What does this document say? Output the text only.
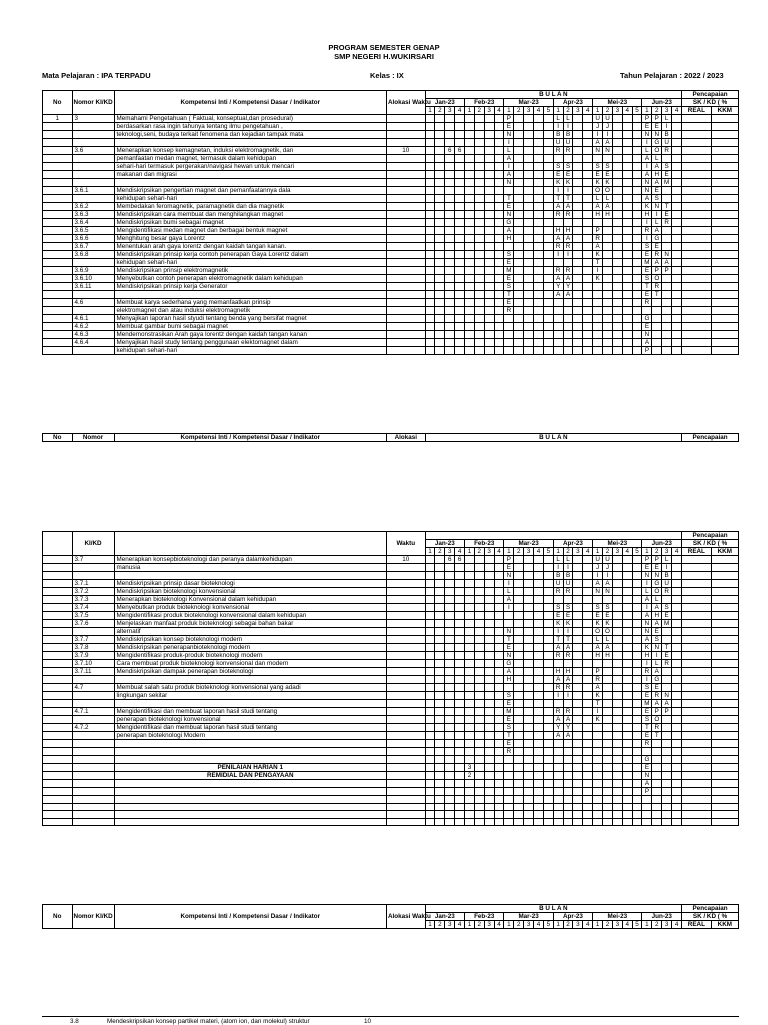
PROGRAM SEMESTER GENAP
SMP NEGERI H.WUKIRSARI
Mata Pelajaran : IPA TERPADU	Kelas : IX	Tahun Pelajaran : 2022 / 2023
No	Nomor KI/KD	Kompetensi Inti / Kompetensi Dasar / Indikator	Alokasi Waktu	B U L A N																										Pencapaian	
				Jan-23				Feb-23				Mar-23					Apr-23				Mei-23					Jun-23				SK / KD ( %	
				1	2	3	4	1	2	3	4	1	2	3	4	5	1	2	3	4	1	2	3	4	5	1	2	3	4	REAL	KKM
1	3	Memahami Pengetahuan ( Faktual, konseptual,dan prosedural)										P					L	L			U	U				P	P	L			
		berdasarkan rasa ingin tahunya tentang ilmu pengetahuan ,										E					I	I			J	J				E	E	I			
		teknologi,seni, budaya terkait fenomena dan kejadian tampak mata										N					B	B			I	I				N	N	B			
												I					U	U			A	A				I	G	U			
	3.6	Menerapkan konsep kemagnetan, induksi elektromagnetik, dan	10			6	6					L					R	R			N	N				L	O	R			
		pemanfaatan medan magnet, termasuk dalam kehidupan										A														A	L				
		sehari-hari termasuk pergerakan/navigasi hewan untuk mencari										I					S	S			S	S				I	A	S			
		makanan dan migrasi										A					E	E			E	E				A	H	E			
												N					K	K			K	K				N	A	M			
	3.6.1	Mendiskripsikan pengertian magnet dan pemanfaatannya dala															I	I			O	O				N	E				
		kehidupan sehari-hari										T					T	T			L	L				A	S				
	3.6.2	Membedakan feromagnetik, paramagnetik dan dia magnetik										E					A	A			A	A				K	N	T			
	3.6.3	Mendiskripsikan cara membuat dan menghilangkan magnet										N					R	R			H	H				H	I	E			
	3.6.4	Mendiskripsikan bumi sebagai magnet										G														I	L	R			
	3.6.5	Mengidentifikasi medan magnet dan berbagai bentuk magnet										A					H	H			P					R	A				
	3.6.6	Menghitung besar gaya Lorentz										H					A	A			R					I	G				
	3.6.7	Menentukan arah gaya lorentz dengan kaidah tangan kanan.															R	R			A					S	E				
	3.6.8	Mendiskripsikan prinsip kerja contoh penerapan Gaya Lorentz dalam										S					I	I			K					E	R	N			
		kehidupan sehari-hari										E									T					M	A	A			
	3.6.9	Mendiskripsikan prinsip elektromagnetik										M					R	R			I					E	P	P			
	3.6.10	Menyebutkan contoh penerapan elektromagnetik dalam kehidupan										E					A	A			K					S	O				
	3.6.11	Mendiskripsikan prinsip kerja Generator										S					Y	Y								T	R				
												T					A	A								E	T				
	4.6	Membuat karya sederhana yang memanfaatkan prinsip										E														R					
		elektromagnet dan atau induksi elektromagnetik										R																			
	4.6.1	Menyajikan laporan hasil styudi tentang benda yang bersifat magnet																								G					
	4.6.2	Membuat gambar bumi sebagai magnet																								E					
	4.6.3	Mendemonstrasikan Arah gaya lorentz dengan kaidah tangan kanan																								N					
	4.6.4	Menyajikan hasil study tentang penggunaan elektomagnet dalam																								A					
		kehidupan sehari-hari																								P					
No	Nomor	Kompetensi Inti / Kompetensi Dasar / Indikator	Alokasi	B U L A N	Pencapaian
	KI/KD		Waktu																											Pencapaian	
				Jan-23				Feb-23				Mar-23					Apr-23				Mei-23					Jun-23				SK / KD ( %	
				1	2	3	4	1	2	3	4	1	2	3	4	5	1	2	3	4	1	2	3	4	5	1	2	3	4	REAL	KKM
	3.7	Menerapkan konsepbioteknologi dan peranya dalamkehidupan	10			6	6					P					L	L			U	U				P	P	L			
		manusia										E					I	I			J	J				E	E	I			
												N					B	B			I	I				N	N	B			
	3.7.1	Mendiskripsikan prinsip dasar bioteknologi										I					U	U			A	A				I	G	U			
	3.7.2	Mendiskripsikan bioteknologi konvensional										L					R	R			N	N				L	O	R			
	3.7.3	Menerapkan bioteknologi Konvensional dalam kehidupan										A														A	L				
	3.7.4	Menyebutkan produk bioteknologi konvensional										I					S	S			S	S				I	A	S			
	3.7.5	Mengidentifikasi produk bioteknologi konvensional dalam kehidupan															E	E			E	E				A	H	E			
	3.7.6	Menjelaskan manfaat produk bioteknologi sebagai bahan bakar															K	K			K	K				N	A	M			
		alternatif										N					I	I			O	O				N	E				
	3.7.7	Mendiskripsikan konsep bioteknologi modern										T					T	T			L	L				A	S				
	3.7.8	Mendiskripsikan penerapanbioteknologi modern										E					A	A			A	A				K	N	T			
	3.7.9	Mengidentifikasi produk-produk bioteknologi modern										N					R	R			H	H				H	I	E			
	3.7.10	Cara membuat produk bioteknologi konvensional dan modern										G														I	L	R			
	3.7.11	Mendiskripsikan dampak penerapan bioteknologi										A					H	H			P					R	A				
												H					A	A			R					I	G				
	4.7	Membuat salah satu produk bioteknologi konvensional yang adadi															R	R			A					S	E				
		lingkungan sekitar										S					I	I			K					E	R	N			
												E									T					M	A	A			
	4.7.1	Mengidentifikasi dan membuat laporan hasil studi tentang										M					R	R			I					E	P	P			
		penerapan bioteknologi konvensional										E					A	A			K					S	O				
	4.7.2	Mengidentifikasi dan membuat laporan hasil studi tentang										S					Y	Y								T	R				
		penerapan bioteknologi Modern										T					A	A								E	T				
												E														R					
												R																			
																										G					
		PENILAIAN HARIAN 1						3																		E					
		REMIDIAL DAN PENGAYAAN						2																		N					
																										A					
																										P					

No	Nomor KI/KD	Kompetensi Inti / Kompetensi Dasar / Indikator	Alokasi Waktu	B U L A N																										Pencapaian	
				Jan-23				Feb-23				Mar-23					Apr-23				Mei-23					Jun-23				SK / KD ( %	
				1	2	3	4	1	2	3	4	1	2	3	4	5	1	2	3	4	1	2	3	4	5	1	2	3	4	REAL	KKM
3.8	Mendeskripsikan konsep partikel materi, (atom ion, dan molekul) struktur	10
